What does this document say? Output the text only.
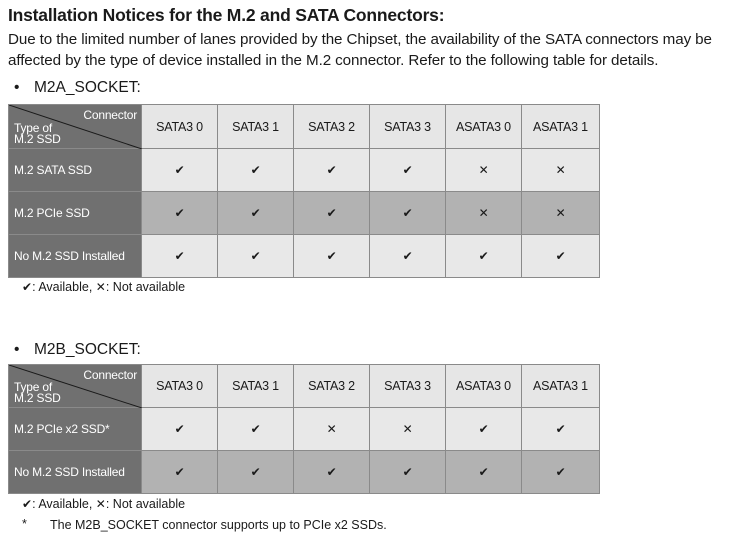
Installation Notices for the M.2 and SATA Connectors:
Due to the limited number of lanes provided by the Chipset, the availability of the SATA connectors may be affected by the type of device installed in the M.2 connector. Refer to the following table for details.
• M2A_SOCKET:
Connector
Type of
M.2 SSD	SATA3 0	SATA3 1	SATA3 2	SATA3 3	ASATA3 0	ASATA3 1
M.2 SATA SSD	✔	✔	✔	✔	✕	✕
M.2 PCIe SSD	✔	✔	✔	✔	✕	✕
No M.2 SSD Installed	✔	✔	✔	✔	✔	✔
✔: Available, ✕: Not available
• M2B_SOCKET:
Connector
Type of
M.2 SSD	SATA3 0	SATA3 1	SATA3 2	SATA3 3	ASATA3 0	ASATA3 1
M.2 PCIe x2 SSD*	✔	✔	✕	✕	✔	✔
No M.2 SSD Installed	✔	✔	✔	✔	✔	✔
✔: Available, ✕: Not available
* The M2B_SOCKET connector supports up to PCIe x2 SSDs.
